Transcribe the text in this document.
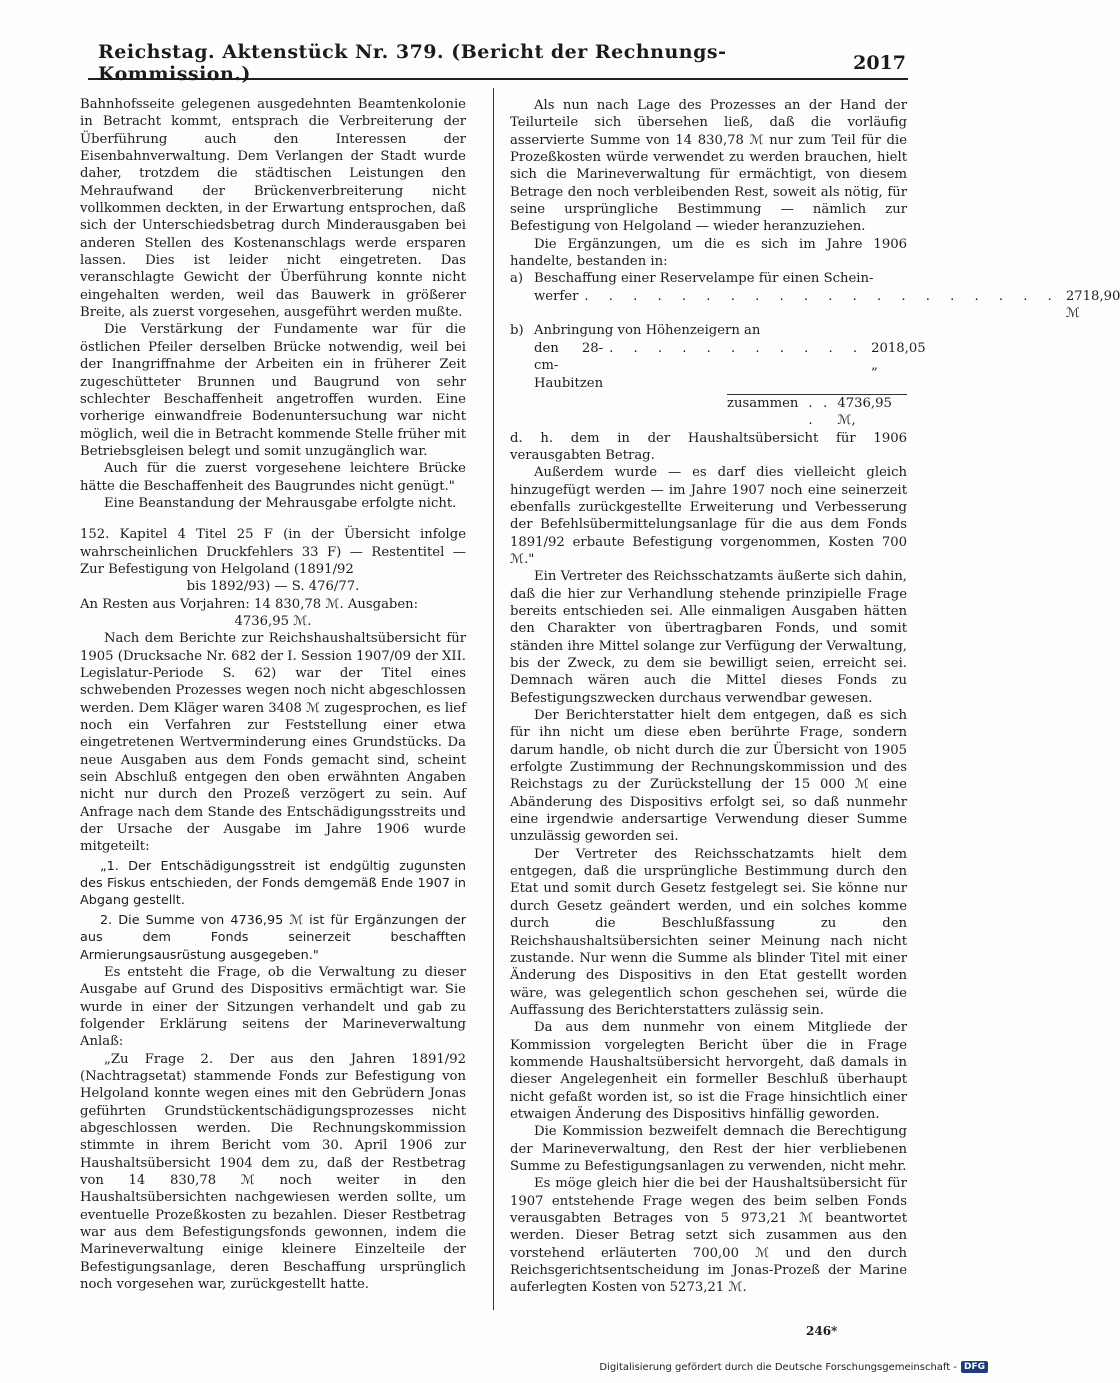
Reichstag. Aktenstück Nr. 379. (Bericht der Rechnungs-Kommission.)	2017

Bahnhofsseite gelegenen ausgedehnten Beamtenkolonie in Betracht kommt, entsprach die Verbreiterung der Überführung auch den Interessen der Eisenbahnverwaltung. Dem Verlangen der Stadt wurde daher, trotzdem die städtischen Leistungen den Mehraufwand der Brückenverbreiterung nicht vollkommen deckten, in der Erwartung entsprochen, daß sich der Unterschiedsbetrag durch Minderausgaben bei anderen Stellen des Kostenanschlags werde ersparen lassen. Dies ist leider nicht eingetreten. Das veranschlagte Gewicht der Überführung konnte nicht eingehalten werden, weil das Bauwerk in größerer Breite, als zuerst vorgesehen, ausgeführt werden mußte.

Die Verstärkung der Fundamente war für die östlichen Pfeiler derselben Brücke notwendig, weil bei der Inangriffnahme der Arbeiten ein in früherer Zeit zugeschütteter Brunnen und Baugrund von sehr schlechter Beschaffenheit angetroffen wurden. Eine vorherige einwandfreie Bodenuntersuchung war nicht möglich, weil die in Betracht kommende Stelle früher mit Betriebsgleisen belegt und somit unzugänglich war.

Auch für die zuerst vorgesehene leichtere Brücke hätte die Beschaffenheit des Baugrundes nicht genügt."

Eine Beanstandung der Mehrausgabe erfolgte nicht.

152. Kapitel 4 Titel 25 F (in der Übersicht infolge wahrscheinlichen Druckfehlers 33 F) — Restentitel — Zur Befestigung von Helgoland (1891/92
bis 1892/93) — S. 476/77.

An Resten aus Vorjahren: 14 830,78 ℳ. Ausgaben:
4736,95 ℳ.

Nach dem Berichte zur Reichshaushaltsübersicht für 1905 (Drucksache Nr. 682 der I. Session 1907/09 der XII. Legislatur-Periode S. 62) war der Titel eines schwebenden Prozesses wegen noch nicht abgeschlossen werden. Dem Kläger waren 3408 ℳ zugesprochen, es lief noch ein Verfahren zur Feststellung einer etwa eingetretenen Wertverminderung eines Grundstücks. Da neue Ausgaben aus dem Fonds gemacht sind, scheint sein Abschluß entgegen den oben erwähnten Angaben nicht nur durch den Prozeß verzögert zu sein. Auf Anfrage nach dem Stande des Entschädigungsstreits und der Ursache der Ausgabe im Jahre 1906 wurde mitgeteilt:

„1. Der Entschädigungsstreit ist endgültig zugunsten des Fiskus entschieden, der Fonds demgemäß Ende 1907 in Abgang gestellt.

2. Die Summe von 4736,95 ℳ ist für Ergänzungen der aus dem Fonds seinerzeit beschafften Armierungsausrüstung ausgegeben."

Es entsteht die Frage, ob die Verwaltung zu dieser Ausgabe auf Grund des Dispositivs ermächtigt war. Sie wurde in einer der Sitzungen verhandelt und gab zu folgender Erklärung seitens der Marineverwaltung Anlaß:

„Zu Frage 2. Der aus den Jahren 1891/92 (Nachtragsetat) stammende Fonds zur Befestigung von Helgoland konnte wegen eines mit den Gebrüdern Jonas geführten Grundstückentschädigungsprozesses nicht abgeschlossen werden. Die Rechnungskommission stimmte in ihrem Bericht vom 30. April 1906 zur Haushaltsübersicht 1904 dem zu, daß der Restbetrag von 14 830,78 ℳ noch weiter in den Haushaltsübersichten nachgewiesen werden sollte, um eventuelle Prozeßkosten zu bezahlen. Dieser Restbetrag war aus dem Befestigungsfonds gewonnen, indem die Marineverwaltung einige kleinere Einzelteile der Befestigungsanlage, deren Beschaffung ursprünglich noch vorgesehen war, zurückgestellt hatte.

Als nun nach Lage des Prozesses an der Hand der Teilurteile sich übersehen ließ, daß die vorläufig asservierte Summe von 14 830,78 ℳ nur zum Teil für die Prozeßkosten würde verwendet zu werden brauchen, hielt sich die Marineverwaltung für ermächtigt, von diesem Betrage den noch verbleibenden Rest, soweit als nötig, für seine ursprüngliche Bestimmung — nämlich zur Befestigung von Helgoland — wieder heranzuziehen.

Die Ergänzungen, um die es sich im Jahre 1906 handelte, bestanden in:

a) Beschaffung einer Reservelampe für einen Schein-
werfer . . . . . . . . . . . . . . . . . . . . 2718,90 ℳ
b) Anbringung von Höhenzeigern an
den 28-cm-Haubitzen
. . . . . . . . . . . 2018,05 „
zusammen . . .
4736,95 ℳ,

d. h. dem in der Haushaltsübersicht für 1906 verausgabten Betrag.

Außerdem wurde — es darf dies vielleicht gleich hinzugefügt werden — im Jahre 1907 noch eine seinerzeit ebenfalls zurückgestellte Erweiterung und Verbesserung der Befehlsübermittelungsanlage für die aus dem Fonds 1891/92 erbaute Befestigung vorgenommen, Kosten 700 ℳ."

Ein Vertreter des Reichsschatzamts äußerte sich dahin, daß die hier zur Verhandlung stehende prinzipielle Frage bereits entschieden sei. Alle einmaligen Ausgaben hätten den Charakter von übertragbaren Fonds, und somit ständen ihre Mittel solange zur Verfügung der Verwaltung, bis der Zweck, zu dem sie bewilligt seien, erreicht sei. Demnach wären auch die Mittel dieses Fonds zu Befestigungszwecken durchaus verwendbar gewesen.

Der Berichterstatter hielt dem entgegen, daß es sich für ihn nicht um diese eben berührte Frage, sondern darum handle, ob nicht durch die zur Übersicht von 1905 erfolgte Zustimmung der Rechnungskommission und des Reichstags zu der Zurückstellung der 15 000 ℳ eine Abänderung des Dispositivs erfolgt sei, so daß nunmehr eine irgendwie andersartige Verwendung dieser Summe unzulässig geworden sei.

Der Vertreter des Reichsschatzamts hielt dem entgegen, daß die ursprüngliche Bestimmung durch den Etat und somit durch Gesetz festgelegt sei. Sie könne nur durch Gesetz geändert werden, und ein solches komme durch die Beschlußfassung zu den Reichshaushaltsübersichten seiner Meinung nach nicht zustande. Nur wenn die Summe als blinder Titel mit einer Änderung des Dispositivs in den Etat gestellt worden wäre, was gelegentlich schon geschehen sei, würde die Auffassung des Berichterstatters zulässig sein.

Da aus dem nunmehr von einem Mitgliede der Kommission vorgelegten Bericht über die in Frage kommende Haushaltsübersicht hervorgeht, daß damals in dieser Angelegenheit ein formeller Beschluß überhaupt nicht gefaßt worden ist, so ist die Frage hinsichtlich einer etwaigen Änderung des Dispositivs hinfällig geworden.

Die Kommission bezweifelt demnach die Berechtigung der Marineverwaltung, den Rest der hier verbliebenen Summe zu Befestigungsanlagen zu verwenden, nicht mehr.

Es möge gleich hier die bei der Haushaltsübersicht für 1907 entstehende Frage wegen des beim selben Fonds verausgabten Betrages von 5 973,21 ℳ beantwortet werden. Dieser Betrag setzt sich zusammen aus den vorstehend erläuterten 700,00 ℳ und den durch Reichsgerichtsentscheidung im Jonas-Prozeß der Marine auferlegten Kosten von 5273,21 ℳ.

246*
Digitalisierung gefördert durch die Deutsche Forschungsgemeinschaft - DFG
